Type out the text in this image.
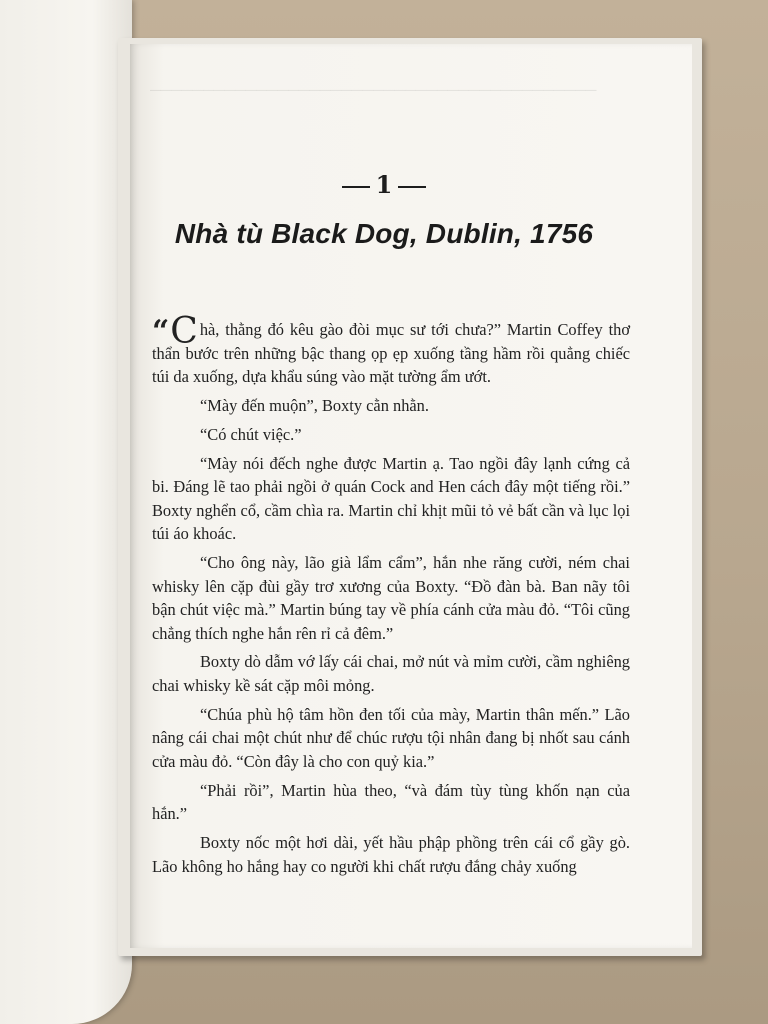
1
Nhà tù Black Dog, Dublin, 1756

“C hà, thằng đó kêu gào đòi mục sư tới chưa?” Martin Coffey thơ thẩn bước trên những bậc thang ọp ẹp xuống tầng hầm rồi quẳng chiếc túi da xuống, dựa khẩu súng vào mặt tường ẩm ướt.

“Mày đến muộn”, Boxty cằn nhằn.

“Có chút việc.”

“Mày nói đếch nghe được Martin ạ. Tao ngồi đây lạnh cứng cả bi. Đáng lẽ tao phải ngồi ở quán Cock and Hen cách đây một tiếng rồi.” Boxty nghển cổ, cầm chìa ra. Martin chỉ khịt mũi tỏ vẻ bất cần và lục lọi túi áo khoác.

“Cho ông này, lão già lẩm cẩm”, hắn nhe răng cười, ném chai whisky lên cặp đùi gầy trơ xương của Boxty. “Đồ đàn bà. Ban nãy tôi bận chút việc mà.” Martin búng tay về phía cánh cửa màu đỏ. “Tôi cũng chẳng thích nghe hắn rên rỉ cả đêm.”

Boxty dò dẫm vớ lấy cái chai, mở nút và mỉm cười, cầm nghiêng chai whisky kề sát cặp môi mỏng.

“Chúa phù hộ tâm hồn đen tối của mày, Martin thân mến.” Lão nâng cái chai một chút như để chúc rượu tội nhân đang bị nhốt sau cánh cửa màu đỏ. “Còn đây là cho con quỷ kia.”

“Phải rồi”, Martin hùa theo, “và đám tùy tùng khốn nạn của hắn.”

Boxty nốc một hơi dài, yết hầu phập phồng trên cái cổ gầy gò. Lão không ho hắng hay co người khi chất rượu đắng chảy xuống
